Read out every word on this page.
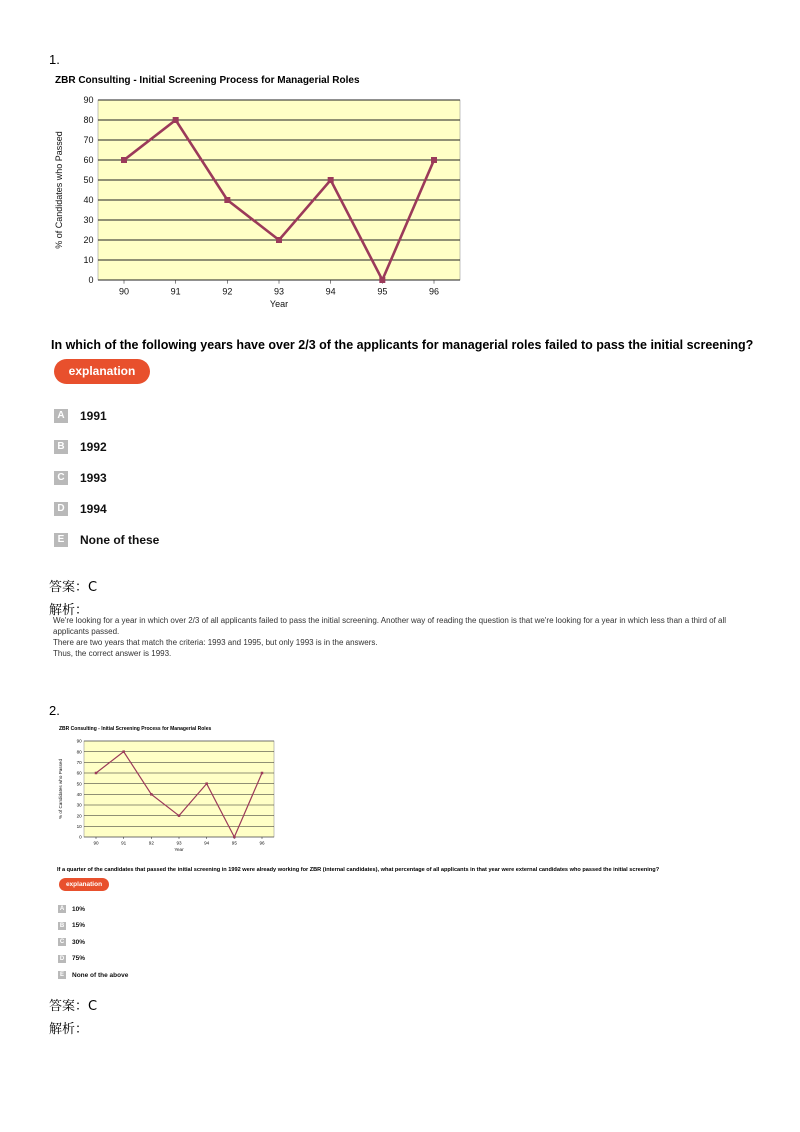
1.
ZBR Consulting - Initial Screening Process for Managerial Roles
0
10
20
30
40
50
60
70
80
90
90	91	92	93	94	95	96
Year
% of Candidates who Passed
In which of the following years have over 2/3 of the applicants for managerial roles failed to pass the initial screening?
explanation
A 1991
B 1992
C 1993
D 1994
E	None of these
答案：C
解析：
We're looking for a year in which over 2/3 of all applicants failed to pass the initial screening. Another way of reading the question is that we're looking for a year in which less than a third of all
applicants passed.
There are two years that match the criteria: 1993 and 1995, but only 1993 is in the answers.
Thus, the correct answer is 1993.
2.
ZBR Consulting - Initial Screening Process for Managerial Roles
0
10
20
30
40
50
60
70
80
90
90	91	92	93	94	95	96
Year
% of Candidates who Passed
If a quarter of the candidates that passed the initial screening in 1992 were already working for ZBR (internal candidates), what percentage of all applicants in that year were external candidates who passed the initial screening?
explanation
A 10%
B 15%
C 30%
D 75%
E	None of the above
答案：C
解析：
